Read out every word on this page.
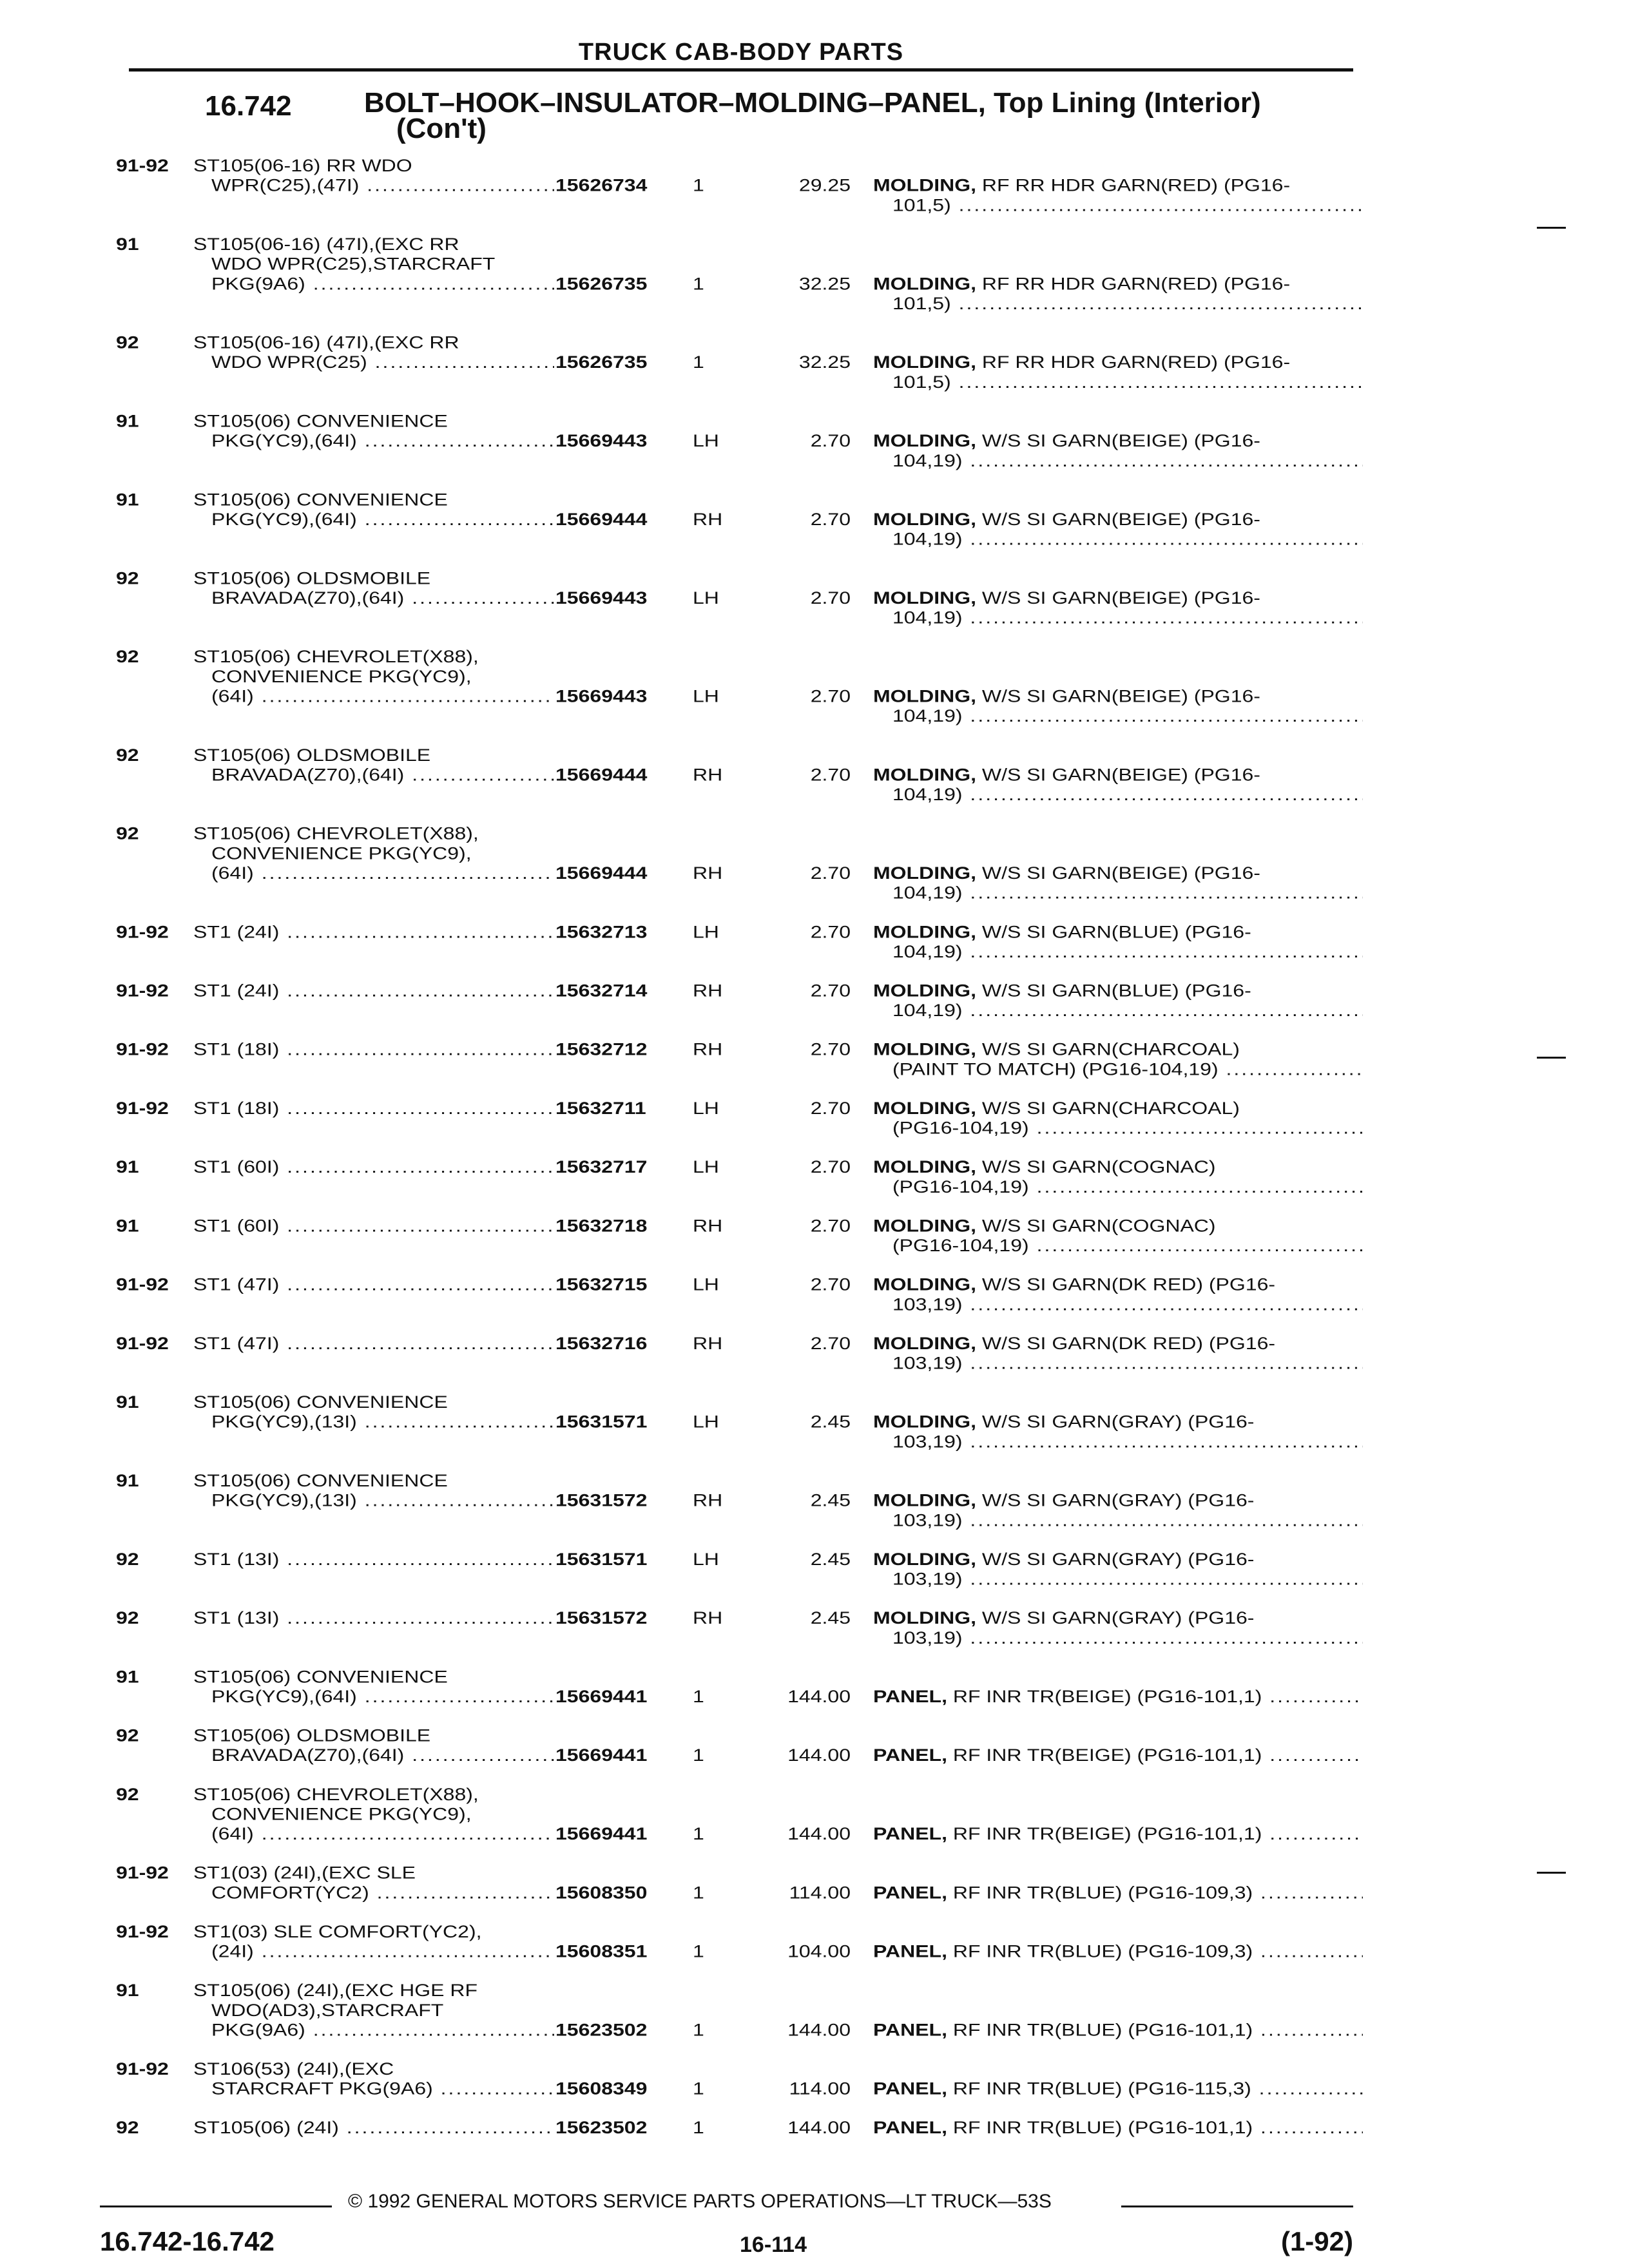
TRUCK CAB-BODY PARTS
16.742	BOLT–HOOK–INSULATOR–MOLDING–PANEL, Top Lining (Interior)
(Con't)
91-92	ST105(06-16) RR WDO
WPR(C25),(47I) .....	15626734	1	29.25 MOLDING, RF RR HDR GARN(RED) (PG16-
101,5) .....
91	ST105(06-16) (47I),(EXC RR
WDO WPR(C25),STARCRAFT
PKG(9A6) .....	15626735	1	32.25 MOLDING, RF RR HDR GARN(RED) (PG16-
101,5) .....
92	ST105(06-16) (47I),(EXC RR
WDO WPR(C25) .....	15626735	1	32.25 MOLDING, RF RR HDR GARN(RED) (PG16-
101,5) .....
91	ST105(06) CONVENIENCE
PKG(YC9),(64I) .....	15669443	LH	2.70 MOLDING, W/S SI GARN(BEIGE) (PG16-
104,19) .....
91	ST105(06) CONVENIENCE
PKG(YC9),(64I) .....	15669444	RH	2.70 MOLDING, W/S SI GARN(BEIGE) (PG16-
104,19) .....
92	ST105(06) OLDSMOBILE
BRAVADA(Z70),(64I) .....	15669443	LH	2.70 MOLDING, W/S SI GARN(BEIGE) (PG16-
104,19) .....
92	ST105(06) CHEVROLET(X88),
CONVENIENCE PKG(YC9),
(64I) .....	15669443	LH	2.70 MOLDING, W/S SI GARN(BEIGE) (PG16-
104,19) .....
92	ST105(06) OLDSMOBILE
BRAVADA(Z70),(64I) .....	15669444	RH	2.70 MOLDING, W/S SI GARN(BEIGE) (PG16-
104,19) .....
92	ST105(06) CHEVROLET(X88),
CONVENIENCE PKG(YC9),
(64I) .....	15669444	RH	2.70 MOLDING, W/S SI GARN(BEIGE) (PG16-
104,19) .....
91-92	ST1 (24I) .....	15632713	LH	2.70 MOLDING, W/S SI GARN(BLUE) (PG16-
104,19) .....
91-92	ST1 (24I) .....	15632714	RH	2.70 MOLDING, W/S SI GARN(BLUE) (PG16-
104,19) .....
91-92	ST1 (18I) .....	15632712	RH	2.70 MOLDING, W/S SI GARN(CHARCOAL)
(PAINT TO MATCH) (PG16-104,19) .....
91-92	ST1 (18I) .....	15632711	LH	2.70 MOLDING, W/S SI GARN(CHARCOAL)
(PG16-104,19) .....
91	ST1 (60I) .....	15632717	LH	2.70 MOLDING, W/S SI GARN(COGNAC)
(PG16-104,19) .....
91	ST1 (60I) .....	15632718	RH	2.70 MOLDING, W/S SI GARN(COGNAC)
(PG16-104,19) .....
91-92	ST1 (47I) .....	15632715	LH	2.70 MOLDING, W/S SI GARN(DK RED) (PG16-
103,19) .....
91-92	ST1 (47I) .....	15632716	RH	2.70 MOLDING, W/S SI GARN(DK RED) (PG16-
103,19) .....
91	ST105(06) CONVENIENCE
PKG(YC9),(13I) .....	15631571	LH	2.45 MOLDING, W/S SI GARN(GRAY) (PG16-
103,19) .....
91	ST105(06) CONVENIENCE
PKG(YC9),(13I) .....	15631572	RH	2.45 MOLDING, W/S SI GARN(GRAY) (PG16-
103,19) .....
92	ST1 (13I) .....	15631571	LH	2.45 MOLDING, W/S SI GARN(GRAY) (PG16-
103,19) .....
92	ST1 (13I) .....	15631572	RH	2.45 MOLDING, W/S SI GARN(GRAY) (PG16-
103,19) .....
91	ST105(06) CONVENIENCE
PKG(YC9),(64I) .....	15669441	1	144.00 PANEL, RF INR TR(BEIGE) (PG16-101,1) .....
92	ST105(06) OLDSMOBILE
BRAVADA(Z70),(64I) .....	15669441	1	144.00 PANEL, RF INR TR(BEIGE) (PG16-101,1) .....
92	ST105(06) CHEVROLET(X88),
CONVENIENCE PKG(YC9),
(64I) .....	15669441	1	144.00 PANEL, RF INR TR(BEIGE) (PG16-101,1) .....
91-92	ST1(03) (24I),(EXC SLE
COMFORT(YC2) .....	15608350	1	114.00 PANEL, RF INR TR(BLUE) (PG16-109,3) .....
91-92	ST1(03) SLE COMFORT(YC2),
(24I) .....	15608351	1	104.00 PANEL, RF INR TR(BLUE) (PG16-109,3) .....
91	ST105(06) (24I),(EXC HGE RF
WDO(AD3),STARCRAFT
PKG(9A6) .....	15623502	1	144.00 PANEL, RF INR TR(BLUE) (PG16-101,1) .....
91-92	ST106(53) (24I),(EXC
STARCRAFT PKG(9A6) .....	15608349	1	114.00 PANEL, RF INR TR(BLUE) (PG16-115,3) .....
92	ST105(06) (24I) .....	15623502	1	144.00 PANEL, RF INR TR(BLUE) (PG16-101,1) .....
© 1992 GENERAL MOTORS SERVICE PARTS OPERATIONS—LT TRUCK—53S
16.742-16.742	16-114	(1-92)
